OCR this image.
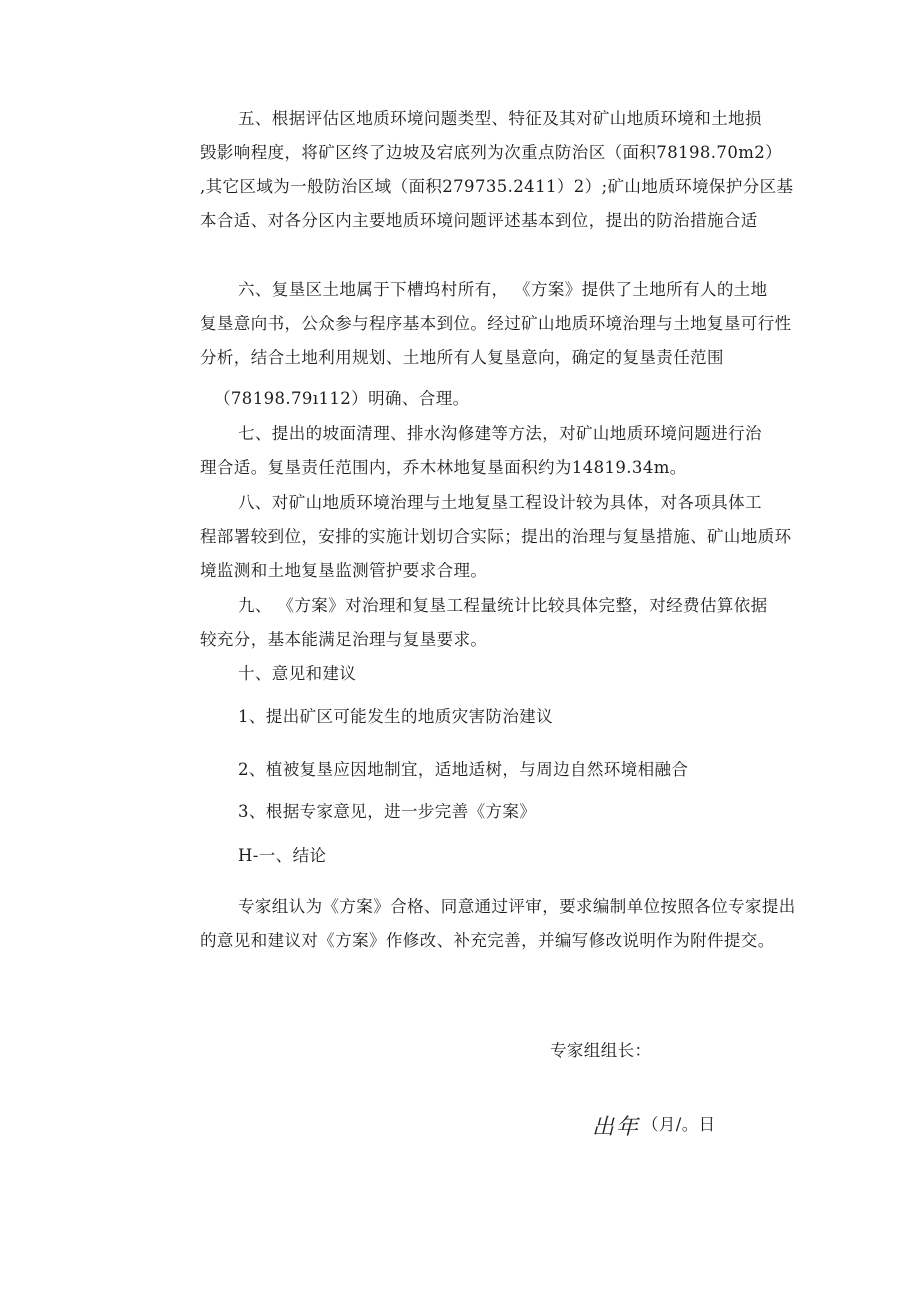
五、根据评估区地质环境问题类型、特征及其对矿山地质环境和土地损
毁影响程度，将矿区终了边坡及宕底列为次重点防治区（面积78198.70m2）
,其它区域为一般防治区域（面积279735.2411）2）;矿山地质环境保护分区基
本合适、对各分区内主要地质环境问题评述基本到位，提出的防治措施合适
六、复垦区土地属于下槽坞村所有， 《方案》提供了土地所有人的土地
复垦意向书，公众参与程序基本到位。经过矿山地质环境治理与土地复垦可行性
分析，结合土地利用规划、土地所有人复垦意向，确定的复垦责任范围
（78198.79ı112）明确、合理。
七、提出的坡面清理、排水沟修建等方法，对矿山地质环境问题进行治
理合适。复垦责任范围内，乔木林地复垦面积约为14819.34m。
八、对矿山地质环境治理与土地复垦工程设计较为具体，对各项具体工
程部署较到位，安排的实施计划切合实际；提出的治理与复垦措施、矿山地质环
境监测和土地复垦监测管护要求合理。
九、 《方案》对治理和复垦工程量统计比较具体完整，对经费估算依据
较充分，基本能满足治理与复垦要求。
十、意见和建议
1、提出矿区可能发生的地质灾害防治建议
2、植被复垦应因地制宜，适地适树，与周边自然环境相融合
3、根据专家意见，进一步完善《方案》
H-一、结论
专家组认为《方案》合格、同意通过评审，要求编制单位按照各位专家提出
的意见和建议对《方案》作修改、补充完善，并编写修改说明作为附件提交。
专家组组长：
出年 （月/。日
